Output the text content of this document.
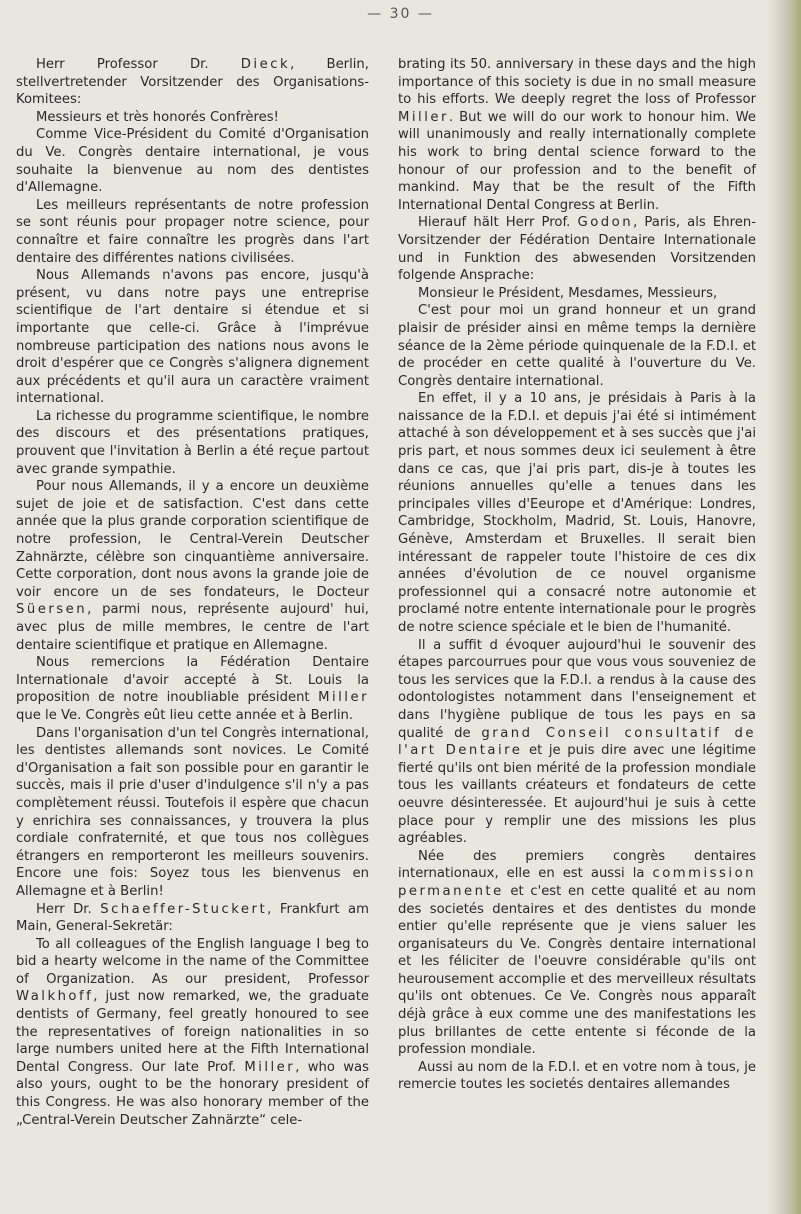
— 30 —

Herr Professor Dr. Dieck, Berlin, stellvertretender Vorsitzender des Organisations-Komitees:

Messieurs et très honorés Confrères!

Comme Vice-Président du Comité d'Organisation du Ve. Congrès dentaire international, je vous souhaite la bienvenue au nom des dentistes d'Allemagne.

Les meilleurs représentants de notre profession se sont réunis pour propager notre science, pour connaître et faire connaître les progrès dans l'art dentaire des différentes nations civilisées.

Nous Allemands n'avons pas encore, jusqu'à présent, vu dans notre pays une entreprise scientifique de l'art dentaire si étendue et si importante que celle-ci. Grâce à l'imprévue nombreuse participation des nations nous avons le droit d'espérer que ce Congrès s'alignera dignement aux précédents et qu'il aura un caractère vraiment international.

La richesse du programme scientifique, le nombre des discours et des présentations pratiques, prouvent que l'invitation à Berlin a été reçue partout avec grande sympathie.

Pour nous Allemands, il y a encore un deuxième sujet de joie et de satisfaction. C'est dans cette année que la plus grande corporation scientifique de notre profession, le Central-Verein Deutscher Zahnärzte, célèbre son cinquantième anniversaire. Cette corporation, dont nous avons la grande joie de voir encore un de ses fondateurs, le Docteur Süersen, parmi nous, représente aujourd' hui, avec plus de mille membres, le centre de l'art dentaire scientifique et pratique en Allemagne.

Nous remercions la Fédération Dentaire Internationale d'avoir accepté à St. Louis la proposition de notre inoubliable président Miller que le Ve. Congrès eût lieu cette année et à Berlin.

Dans l'organisation d'un tel Congrès international, les dentistes allemands sont novices. Le Comité d'Organisation a fait son possible pour en garantir le succès, mais il prie d'user d'indulgence s'il n'y a pas complètement réussi. Toutefois il espère que chacun y enrichira ses connaissances, y trouvera la plus cordiale confraternité, et que tous nos collègues étrangers en remporteront les meilleurs souvenirs. Encore une fois: Soyez tous les bienvenus en Allemagne et à Berlin!

Herr Dr. Schaeffer-Stuckert, Frankfurt am Main, General-Sekretär:

To all colleagues of the English language I beg to bid a hearty welcome in the name of the Committee of Organization. As our president, Professor Walkhoff, just now remarked, we, the graduate dentists of Germany, feel greatly honoured to see the representatives of foreign nationalities in so large numbers united here at the Fifth International Dental Congress. Our late Prof. Miller, who was also yours, ought to be the honorary president of this Congress. He was also honorary member of the „Central-Verein Deutscher Zahnärzte“ cele-

brating its 50. anniversary in these days and the high importance of this society is due in no small measure to his efforts. We deeply regret the loss of Professor Miller. But we will do our work to honour him. We will unanimously and really internationally complete his work to bring dental science forward to the honour of our profession and to the benefit of mankind. May that be the result of the Fifth International Dental Congress at Berlin.

Hierauf hält Herr Prof. Godon, Paris, als Ehren-Vorsitzender der Fédération Dentaire Internationale und in Funktion des abwesenden Vorsitzenden folgende Ansprache:

Monsieur le Président, Mesdames, Messieurs,

C'est pour moi un grand honneur et un grand plaisir de présider ainsi en même temps la dernière séance de la 2ème période quinquenale de la F.D.I. et de procéder en cette qualité à l'ouverture du Ve. Congrès dentaire international.

En effet, il y a 10 ans, je présidais à Paris à la naissance de la F.D.I. et depuis j'ai été si intimément attaché à son développement et à ses succès que j'ai pris part, et nous sommes deux ici seulement à être dans ce cas, que j'ai pris part, dis-je à toutes les réunions annuelles qu'elle a tenues dans les principales villes d'Eeurope et d'Amérique: Londres, Cambridge, Stockholm, Madrid, St. Louis, Hanovre, Génève, Amsterdam et Bruxelles. Il serait bien intéressant de rappeler toute l'histoire de ces dix années d'évolution de ce nouvel organisme professionnel qui a consacré notre autonomie et proclamé notre entente internationale pour le progrès de notre science spéciale et le bien de l'humanité.

Il a suffit d évoquer aujourd'hui le souvenir des étapes parcourrues pour que vous vous souveniez de tous les services que la F.D.I. a rendus à la cause des odontologistes notamment dans l'enseignement et dans l'hygiène publique de tous les pays en sa qualité de grand Conseil consultatif de l'art Dentaire et je puis dire avec une légitime fierté qu'ils ont bien mérité de la profession mondiale tous les vaillants créateurs et fondateurs de cette oeuvre désinteressée. Et aujourd'hui je suis à cette place pour y remplir une des missions les plus agréables.

Née des premiers congrès dentaires internationaux, elle en est aussi la commission permanente et c'est en cette qualité et au nom des societés dentaires et des dentistes du monde entier qu'elle représente que je viens saluer les organisateurs du Ve. Congrès dentaire international et les féliciter de l'oeuvre considérable qu'ils ont heurousement accomplie et des merveilleux résultats qu'ils ont obtenues. Ce Ve. Congrès nous apparaît déjà grâce à eux comme une des manifestations les plus brillantes de cette entente si féconde de la profession mondiale.

Aussi au nom de la F.D.I. et en votre nom à tous, je remercie toutes les societés dentaires allemandes
